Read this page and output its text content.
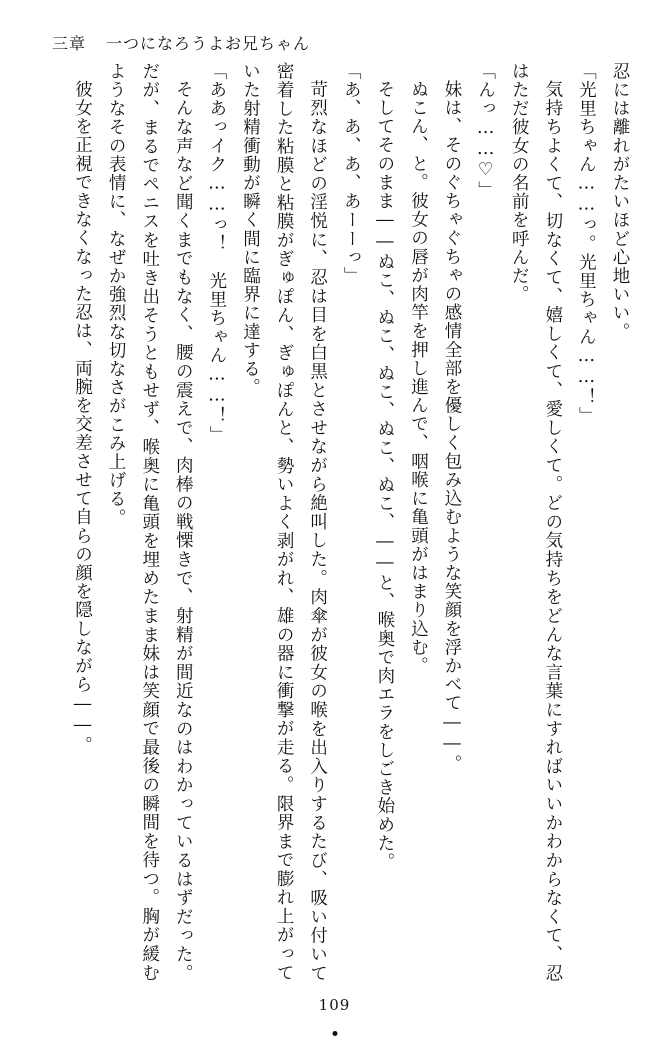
三章 一つになろうよお兄ちゃん

忍には離れがたいほど心地いい。

「光里ちゃん……っ。光里ちゃん……！」

気持ちよくて、切なくて、嬉しくて、愛しくて。どの気持ちをどんな言葉にすればいいかわからなくて、忍はただ彼女の名前を呼んだ。

「んっ……♡」

妹は、そのぐちゃぐちゃの感情全部を優しく包み込むような笑顔を浮かべて――。

ぬこん、と。彼女の唇が肉竿を押し進んで、咽喉に亀頭がはまり込む。

そしてそのまま――ぬこ、ぬこ、ぬこ、ぬこ、ぬこ、――と、喉奥で肉エラをしごき始めた。

「あ、あ、あ、あーーっ」

苛烈なほどの淫悦に、忍は目を白黒とさせながら絶叫した。肉傘が彼女の喉を出入りするたび、吸い付いて密着した粘膜と粘膜がぎゅぽん、ぎゅぽんと、勢いよく剥がれ、雄の器に衝撃が走る。限界まで膨れ上がっていた射精衝動が瞬く間に臨界に達する。

「ああっイク……っ！　光里ちゃん……！」

そんな声など聞くまでもなく、腰の震えで、肉棒の戦慄きで、射精が間近なのはわかっているはずだった。だが、まるでペニスを吐き出そうともせず、喉奥に亀頭を埋めたまま妹は笑顔で最後の瞬間を待つ。胸が緩むようなその表情に、なぜか強烈な切なさがこみ上げる。

彼女を正視できなくなった忍は、両腕を交差させて自らの顔を隠しながら――。

109
